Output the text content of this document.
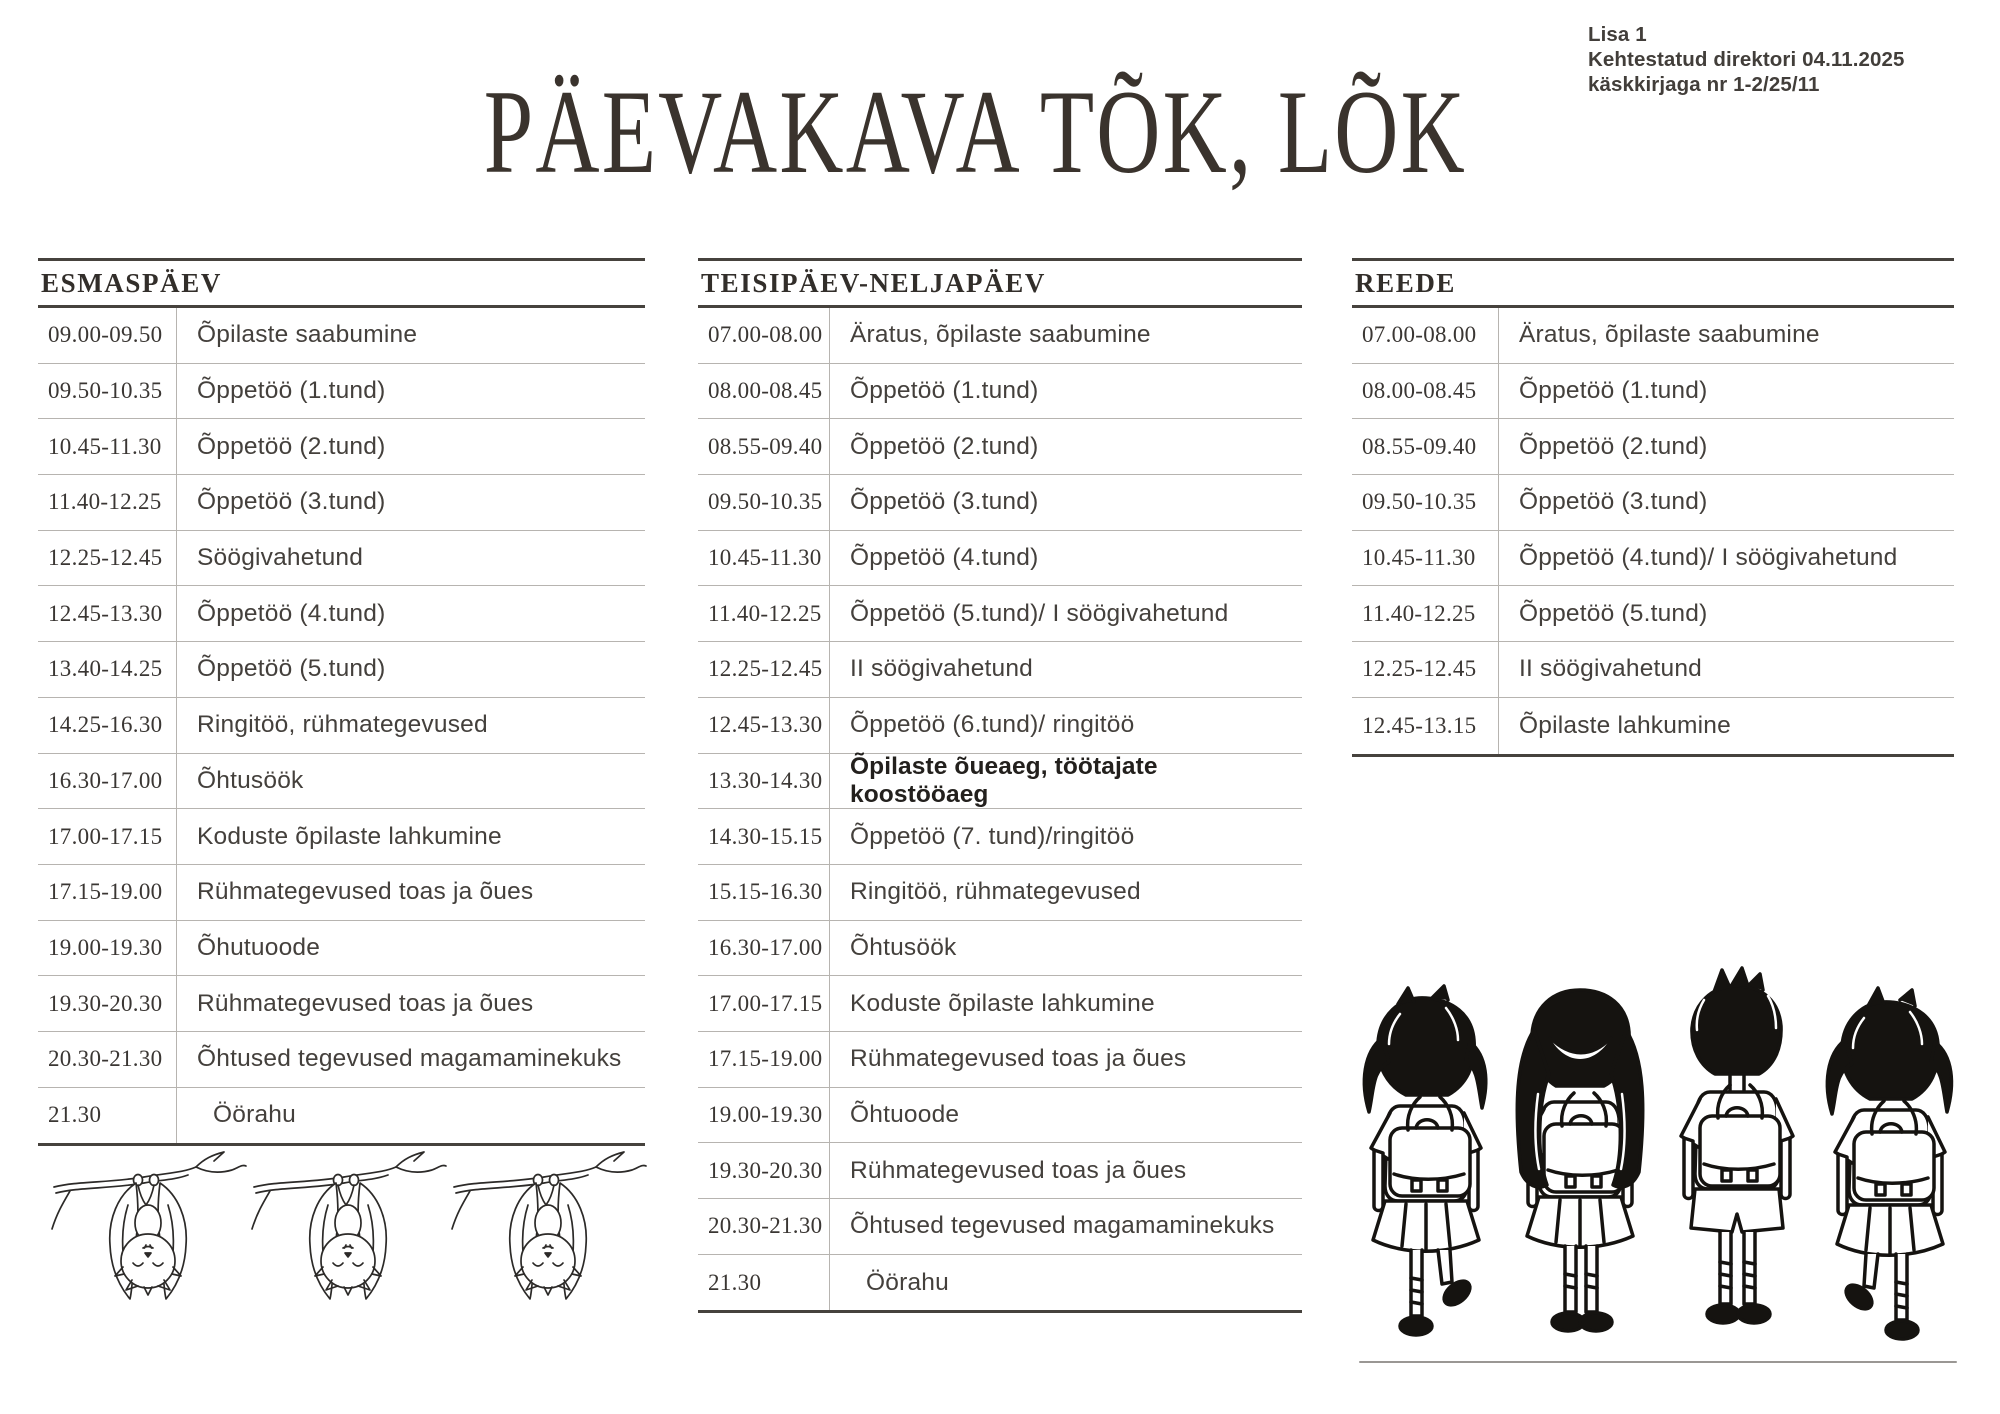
PÄEVAKAVA TÕK, LÕK
Lisa 1
Kehtestatud direktori 04.11.2025
käskkirjaga nr 1-2/25/11
ESMASPÄEV
09.00-09.50	Õpilaste saabumine
09.50-10.35	Õppetöö (1.tund)
10.45-11.30	Õppetöö (2.tund)
11.40-12.25	Õppetöö (3.tund)
12.25-12.45	Söögivahetund
12.45-13.30	Õppetöö (4.tund)
13.40-14.25	Õppetöö (5.tund)
14.25-16.30	Ringitöö, rühmategevused
16.30-17.00	Õhtusöök
17.00-17.15	Koduste õpilaste lahkumine
17.15-19.00	Rühmategevused toas ja õues
19.00-19.30	Õhutuoode
19.30-20.30	Rühmategevused toas ja õues
20.30-21.30	Õhtused tegevused magamaminekuks
21.30	Öörahu
TEISIPÄEV-NELJAPÄEV
07.00-08.00	Äratus, õpilaste saabumine
08.00-08.45	Õppetöö (1.tund)
08.55-09.40	Õppetöö (2.tund)
09.50-10.35	Õppetöö (3.tund)
10.45-11.30	Õppetöö (4.tund)
11.40-12.25	Õppetöö (5.tund)/ I söögivahetund
12.25-12.45	II söögivahetund
12.45-13.30	Õppetöö (6.tund)/ ringitöö
13.30-14.30
Õpilaste õueaeg, töötajate koostööaeg
14.30-15.15	Õppetöö (7. tund)/ringitöö
15.15-16.30	Ringitöö, rühmategevused
16.30-17.00	Õhtusöök
17.00-17.15	Koduste õpilaste lahkumine
17.15-19.00	Rühmategevused toas ja õues
19.00-19.30	Õhtuoode
19.30-20.30	Rühmategevused toas ja õues
20.30-21.30	Õhtused tegevused magamaminekuks
21.30	Öörahu
REEDE
07.00-08.00	Äratus, õpilaste saabumine
08.00-08.45	Õppetöö (1.tund)
08.55-09.40	Õppetöö (2.tund)
09.50-10.35	Õppetöö (3.tund)
10.45-11.30	Õppetöö (4.tund)/ I söögivahetund
11.40-12.25	Õppetöö (5.tund)
12.25-12.45	II söögivahetund
12.45-13.15	Õpilaste lahkumine
